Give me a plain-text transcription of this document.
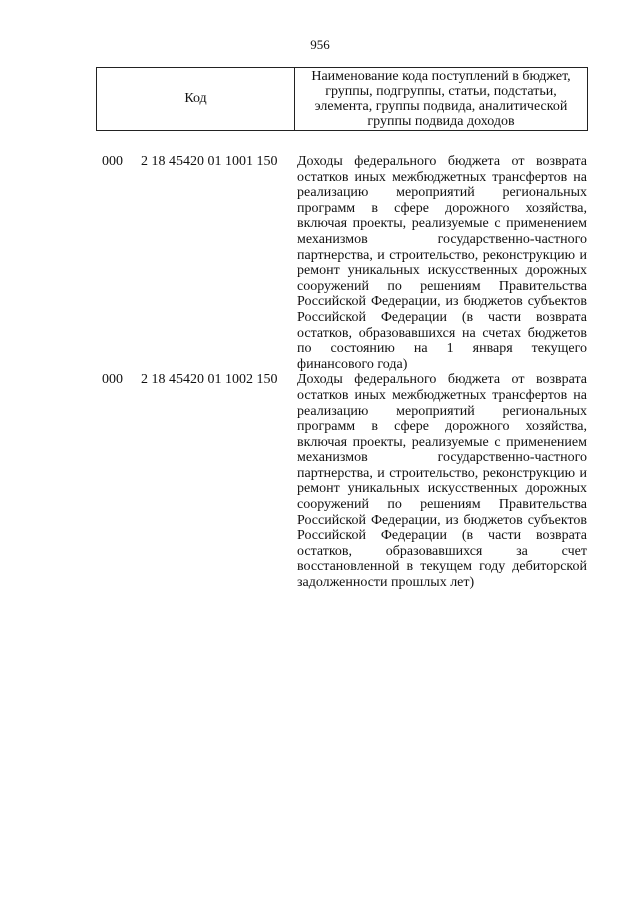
956
Код
Наименование кода поступлений в бюджет, группы, подгруппы, статьи, подстатьи, элемента, группы подвида, аналитической группы подвида доходов
000 2 18 45420 01 1001 150 Доходы федерального бюджета от возврата остатков иных межбюджетных трансфертов на реализацию мероприятий региональных программ в сфере дорожного хозяйства, включая проекты, реализуемые с применением механизмов государственно-частного партнерства, и строительство, реконструкцию и ремонт уникальных искусственных дорожных сооружений по решениям Правительства Российской Федерации, из бюджетов субъектов Российской Федерации (в части возврата остатков, образовавшихся на счетах бюджетов по состоянию на 1 января текущего финансового года)
000 2 18 45420 01 1002 150 Доходы федерального бюджета от возврата остатков иных межбюджетных трансфертов на реализацию мероприятий региональных программ в сфере дорожного хозяйства, включая проекты, реализуемые с применением механизмов государственно-частного партнерства, и строительство, реконструкцию и ремонт уникальных искусственных дорожных сооружений по решениям Правительства Российской Федерации, из бюджетов субъектов Российской Федерации (в части возврата остатков, образовавшихся за счет восстановленной в текущем году дебиторской задолженности прошлых лет)
